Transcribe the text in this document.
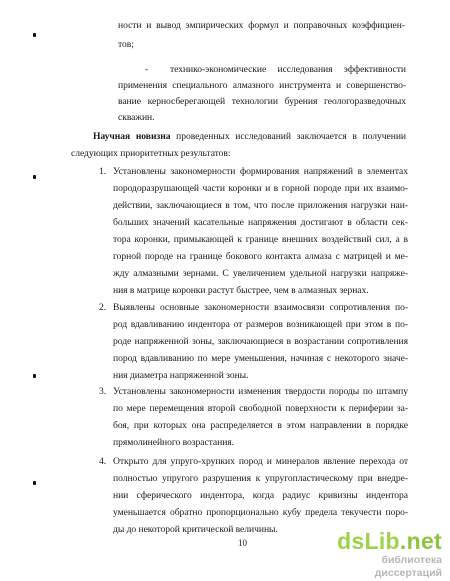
ности и вывод эмпирических формул и поправочных коэффициен-
тов;
- технико-экономические исследования эффективности
применения специального алмазного инструмента и совершенство-
вание керносберегающей технологии бурения геологоразведочных
скважин.
Научная новизна проведенных исследований заключается в получении
следующих приоритетных результатов:
1. Установлены закономерности формирования напряжений в элементах
породоразрушающей части коронки и в горной породе при их взаимо-
действии, заключающиеся в том, что после приложения нагрузки наи-
больших значений касательные напряжения достигают в области сек-
тора коронки, примыкающей к границе внешних воздействий сил, а в
горной породе на границе бокового контакта алмаза с матрицей и ме-
жду алмазными зернами. С увеличением удельной нагрузки напряже-
ния в матрице коронки растут быстрее, чем в алмазных зернах.
2. Выявлены основные закономерности взаимосвязи сопротивления по-
род вдавливанию индентора от размеров возникающей при этом в по-
роде напряженной зоны, заключающиеся в возрастании сопротивления
пород вдавливанию по мере уменьшения, начиная с некоторого значе-
ния диаметра напряженной зоны.
3. Установлены закономерности изменения твердости породы по штампу
по мере перемещения второй свободной поверхности к периферии за-
боя, при которых она распределяется в этом направлении в порядке
прямолинейного возрастания.
4. Открыто для упруго-хрупких пород и минералов явление перехода от
полностью упругого разрушения к упругопластическому при внедре-
нии сферического индентора, когда радиус кривизны индентора
уменьшается обратно пропорционально кубу предела текучести поро-
ды до некоторой критической величины.
10	dsLib.net
библиотека диссертаций
